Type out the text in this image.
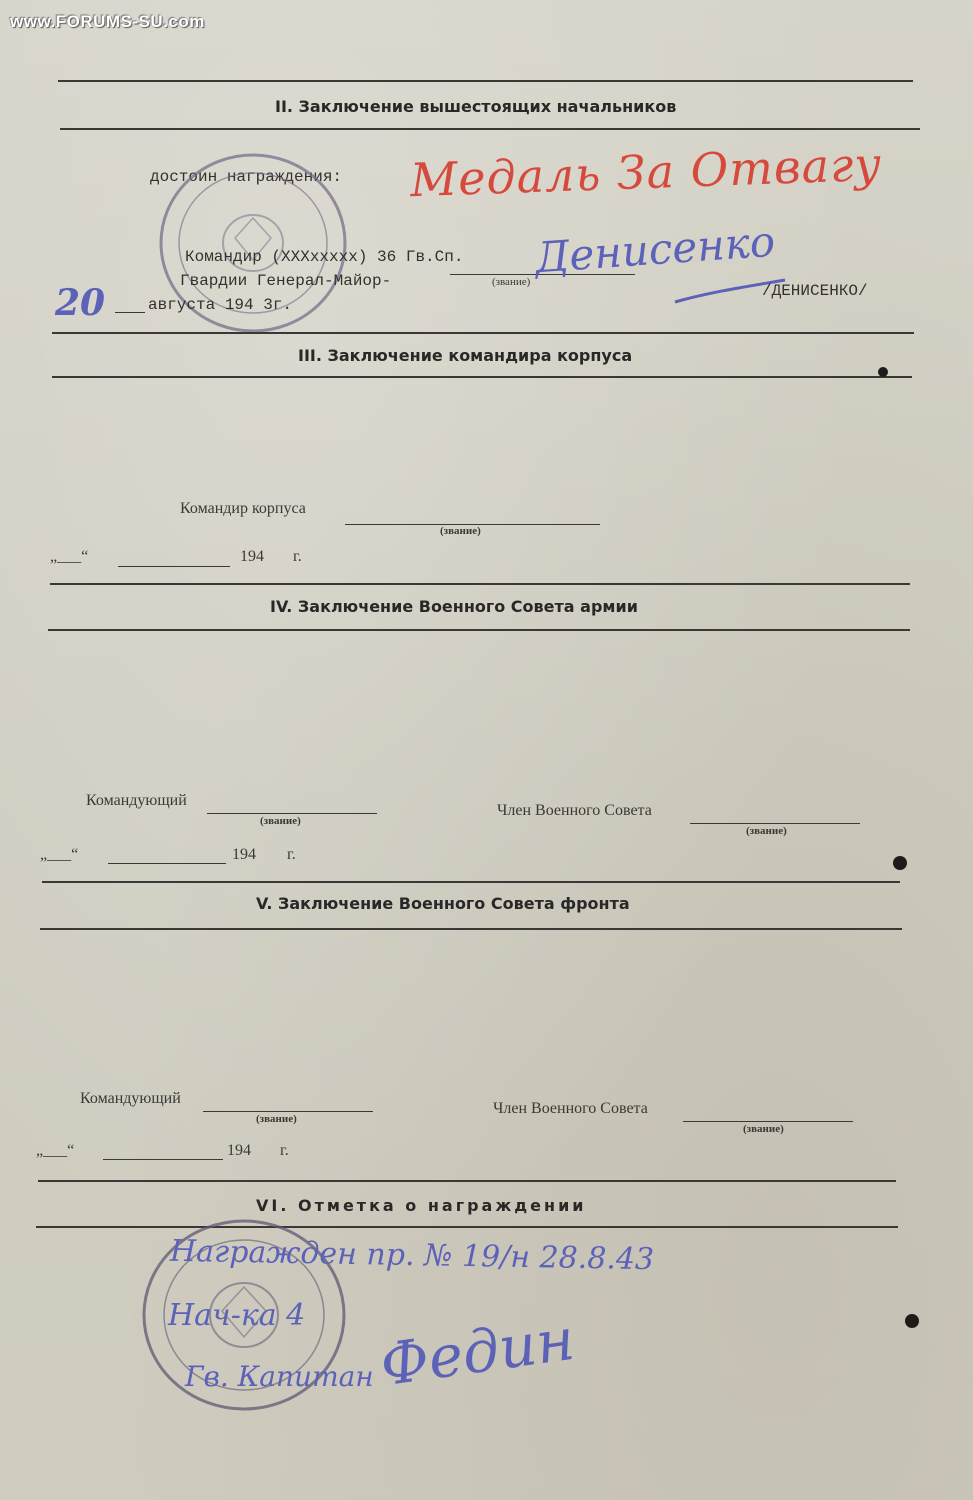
www.FORUMS-SU.com
II. Заключение вышестоящих начальников
достоин награждения: Медаль За Отвагу
Командир (XXXxxxxx) 36 Гв.Сп.
Гвардии Генерал-Майор-	(звание) Денисенко
/ДЕНИСЕНКО/
20	августа 194 3г.
III. Заключение командира корпуса
Командир корпуса
(звание)
„___“	194 г.
IV. Заключение Военного Совета армии
Командующий
(звание)
Член Военного Совета
(звание)
„___“	194 г.
V. Заключение Военного Совета фронта
Командующий
(звание)
Член Военного Совета
(звание)
„___“	194 г.
VI. Отметка о награждении
Награжден пр. № 19/н 28.8.43
Нач-ка 4
Гв. Капитан Федин
